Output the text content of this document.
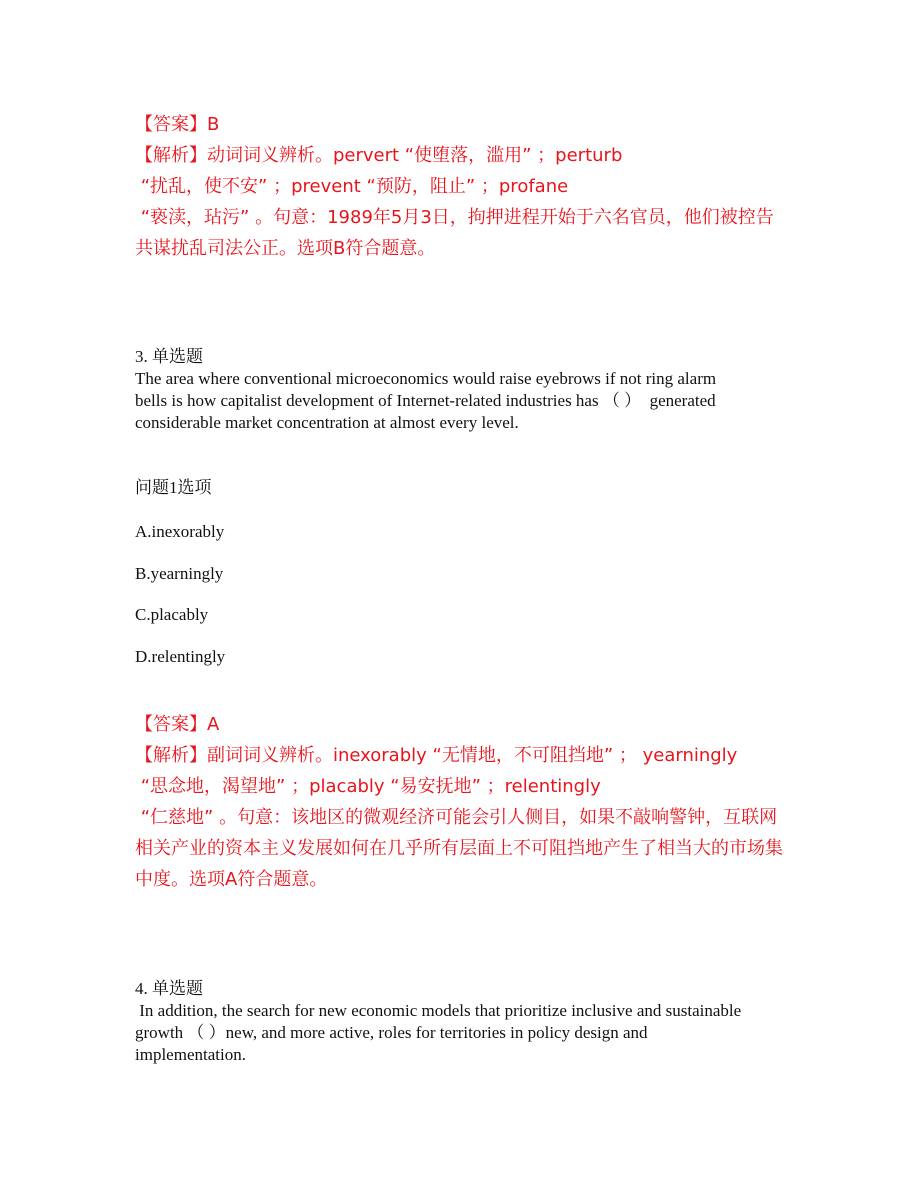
【答案】B
【解析】动词词义辨析。pervert “使堕落，滥用” ；perturb
“扰乱，使不安” ；prevent “预防，阻止” ；profane
“亵渎，玷污” 。句意：1989年5月3日，拘押进程开始于六名官员，他们被控告
共谋扰乱司法公正。选项B符合题意。
3. 单选题
The area where conventional microeconomics would raise eyebrows if not ring alarm
bells is how capitalist development of Internet-related industries has （ ）  generated
considerable market concentration at almost every level.
问题1选项
A.inexorably
B.yearningly
C.placably
D.relentingly
【答案】A
【解析】副词词义辨析。inexorably “无情地，不可阻挡地” ； yearningly
“思念地，渴望地” ；placably “易安抚地” ；relentingly
“仁慈地” 。句意：该地区的微观经济可能会引人侧目，如果不敲响警钟，互联网
相关产业的资本主义发展如何在几乎所有层面上不可阻挡地产生了相当大的市场集
中度。选项A符合题意。
4. 单选题
In addition, the search for new economic models that prioritize inclusive and sustainable
growth （ ）new, and more active, roles for territories in policy design and
implementation.
